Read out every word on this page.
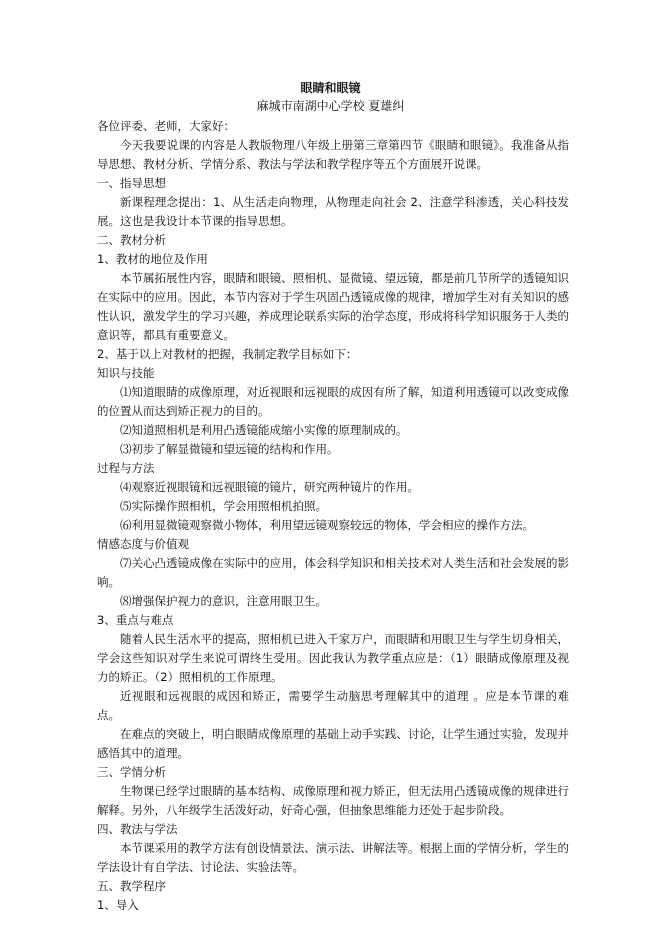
眼睛和眼镜
麻城市南湖中心学校 夏雄纠

各位评委、老师，大家好：

今天我要说课的内容是人教版物理八年级上册第三章第四节《眼睛和眼镜》。我准备从指导思想、教材分析、学情分系、教法与学法和教学程序等五个方面展开说课。

一、指导思想

新课程理念提出：1、从生活走向物理，从物理走向社会 2、注意学科渗透，关心科技发展。这也是我设计本节课的指导思想。

二、教材分析

1、教材的地位及作用

本节属拓展性内容，眼睛和眼镜、照相机、显微镜、望远镜，都是前几节所学的透镜知识在实际中的应用。因此，本节内容对于学生巩固凸透镜成像的规律，增加学生对有关知识的感性认识，激发学生的学习兴趣，养成理论联系实际的治学态度，形成将科学知识服务于人类的意识等，都具有重要意义。

2、基于以上对教材的把握，我制定教学目标如下：

知识与技能

⑴知道眼睛的成像原理，对近视眼和远视眼的成因有所了解，知道利用透镜可以改变成像的位置从而达到矫正视力的目的。

⑵知道照相机是利用凸透镜能成缩小实像的原理制成的。

⑶初步了解显微镜和望远镜的结构和作用。

过程与方法

⑷观察近视眼镜和远视眼镜的镜片，研究两种镜片的作用。

⑸实际操作照相机，学会用照相机拍照。

⑹利用显微镜观察微小物体，利用望远镜观察较远的物体，学会相应的操作方法。

情感态度与价值观

⑺关心凸透镜成像在实际中的应用，体会科学知识和相关技术对人类生活和社会发展的影响。

⑻增强保护视力的意识，注意用眼卫生。

3、重点与难点

随着人民生活水平的提高，照相机已进入千家万户，而眼睛和用眼卫生与学生切身相关，学会这些知识对学生来说可谓终生受用。因此我认为教学重点应是：（1）眼睛成像原理及视力的矫正。（2）照相机的工作原理。

近视眼和远视眼的成因和矫正，需要学生动脑思考理解其中的道理 。应是本节课的难点。

在难点的突破上，明白眼睛成像原理的基础上动手实践、讨论，让学生通过实验，发现并感悟其中的道理。

三、学情分析

生物课已经学过眼睛的基本结构、成像原理和视力矫正，但无法用凸透镜成像的规律进行解释。另外，八年级学生活泼好动，好奇心强，但抽象思维能力还处于起步阶段。

四、教法与学法

本节课采用的教学方法有创设情景法、演示法、讲解法等。根据上面的学情分析，学生的学法设计有自学法、讨论法、实验法等。

五、教学程序

1、导入
